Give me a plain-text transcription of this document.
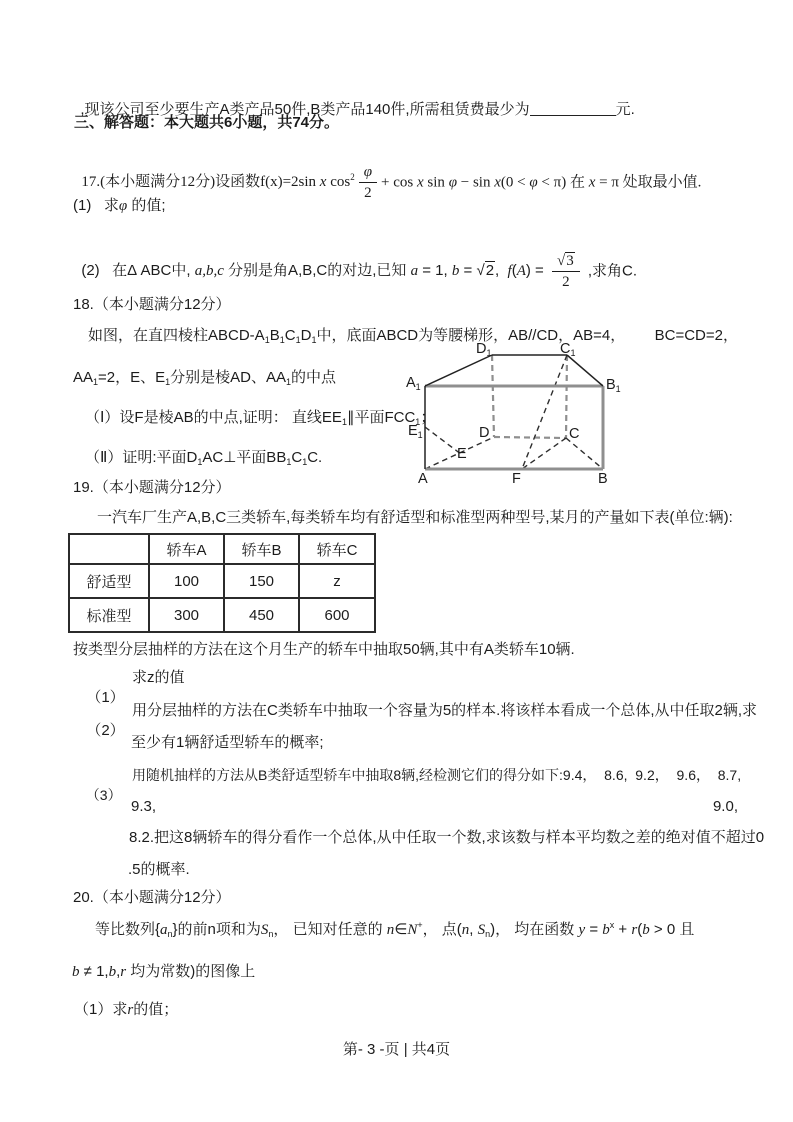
,现该公司至少要生产A类产品50件,B类产品140件,所需租赁费最少为	元.

三、解答题：本大题共6小题，共74分。

17.(本小题满分12分)设函数f(x)=2sin x $\cos^2 \frac{\varphi}{2} + \cos x$ sin φ − sin x(0 < φ < π) 在 x = π 处取最小值.

(1)   求φ 的值;

(2)   在Δ ABC中, a,b,c 分别是角A,B,C的对边,已知 a = 1, b = √2,  $f(A) = \frac{√3}{2}$ ,求角C.

18.（本小题满分12分）
如图，在直四棱柱ABCD-$A_1B_1C_1D_1$中，底面ABCD为等腰梯形，AB//CD，AB=4， BC=CD=2，
$AA_1=2$，E、$E_1$分别是棱AD、$AA_1$的中点
（Ⅰ）设F是棱AB的中点,证明： 直线$EE_1\parallel$平面$FCC_1$；
（Ⅱ）证明:平面$D_1AC\perp$平面$BB_1C_1C$.
$D_1$	$C_1$
$A_1$	$B_1$
$E_1$	D	C
E
A	F	B
19.（本小题满分12分）
一汽车厂生产A,B,C三类轿车,每类轿车均有舒适型和标准型两种型号,某月的产量如下表(单位:辆):
	轿车A	轿车B	轿车C
舒适型	100	150	z
标准型	300	450	600
按类型分层抽样的方法在这个月生产的轿车中抽取50辆,其中有A类轿车10辆.

（1）
求z的值

（2）
用分层抽样的方法在C类轿车中抽取一个容量为5的样本.将该样本看成一个总体,从中任取2辆,求

至少有1辆舒适型轿车的概率;

（3）
用随机抽样的方法从B类舒适型轿车中抽取8辆,经检测它们的得分如下:9.4，  8.6,  9.2，  9.6，  8.7,

9.3,	9.0,
8.2.把这8辆轿车的得分看作一个总体,从中任取一个数,求该数与样本平均数之差的绝对值不超过0
.5的概率.
20.（本小题满分12分）
等比数列$\{a_n\}$的前n项和为$S_n$， 已知对任意的 n∈N+， 点(n, $S_n$)， 均在函数 $y = b^x + r(b > 0$ 且
b ≠ 1,b,r 均为常数)的图像上
（1）求r的值；
第- 3 -页 | 共4页
